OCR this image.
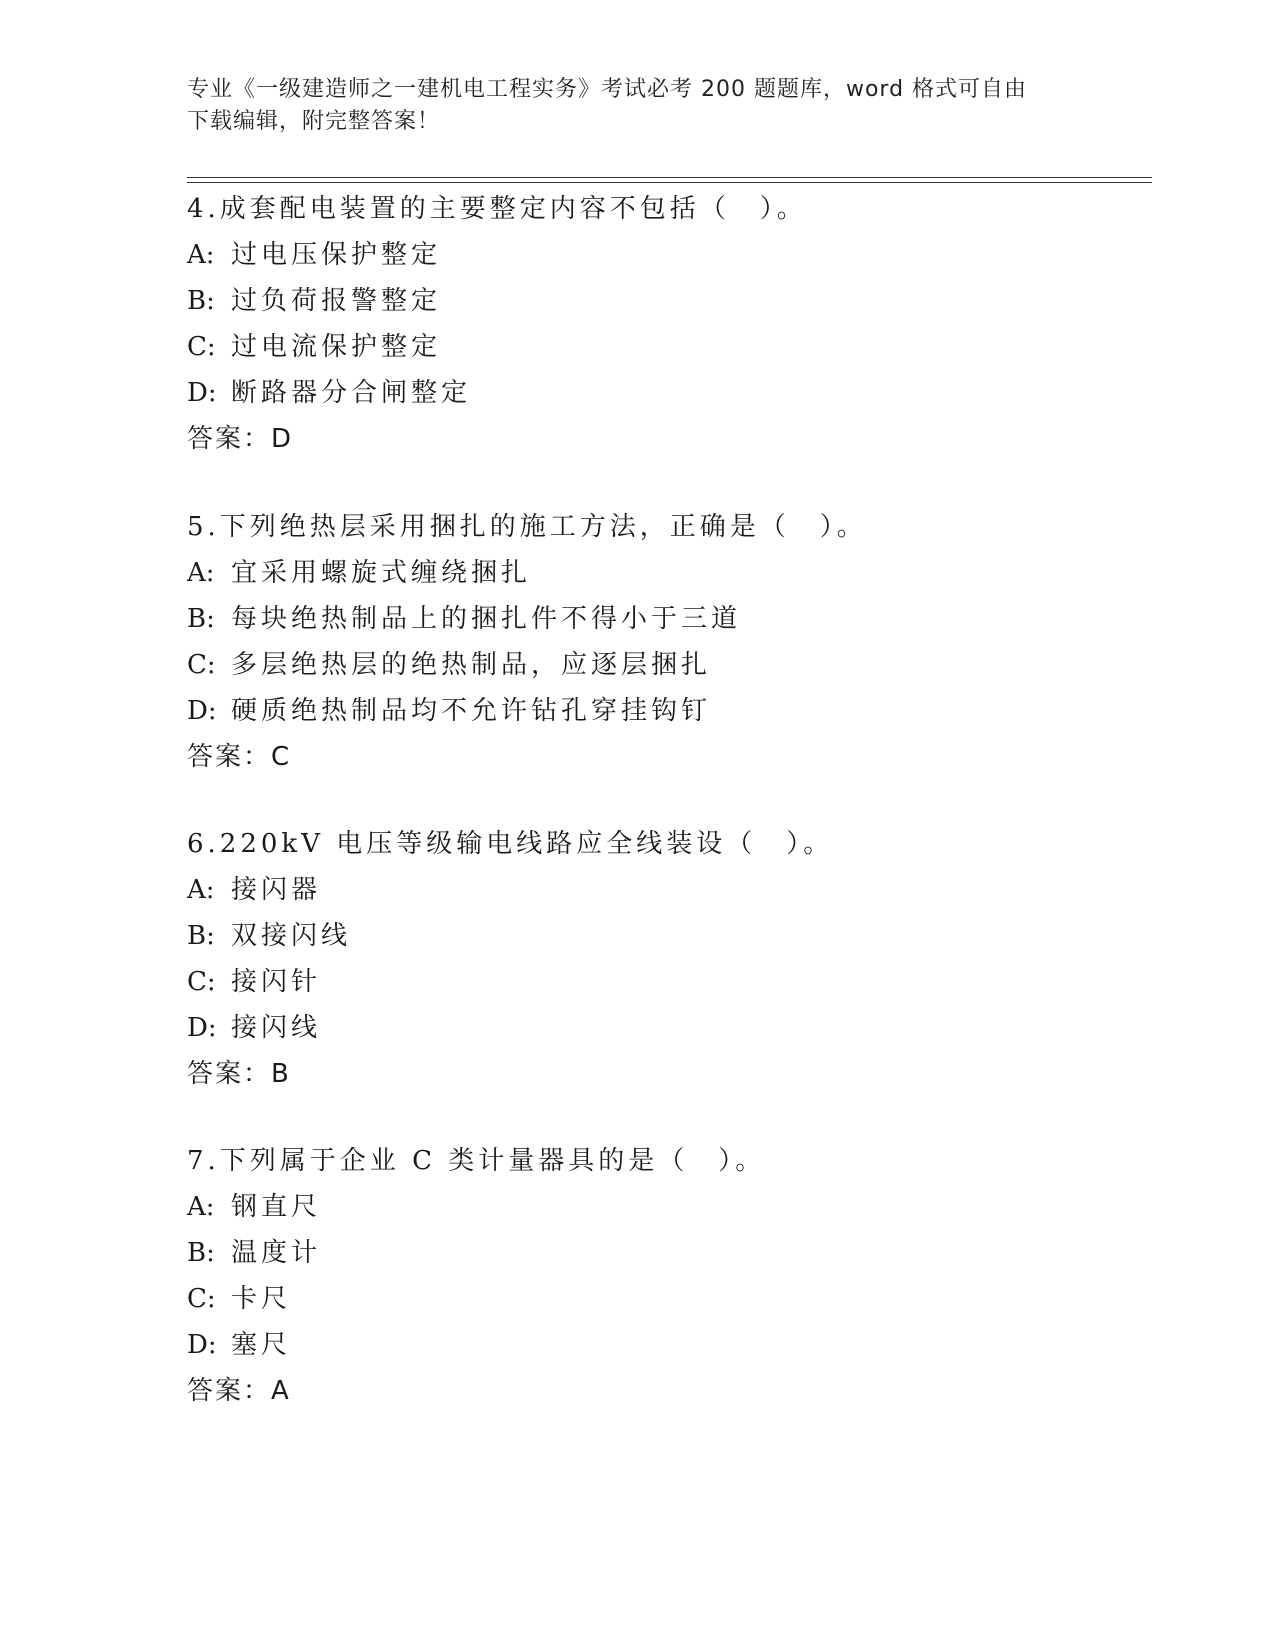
专业《一级建造师之一建机电工程实务》考试必考 200 题题库，word 格式可自由
下载编辑，附完整答案！
4.成套配电装置的主要整定内容不包括（　）。
A: 过电压保护整定
B: 过负荷报警整定
C: 过电流保护整定
D: 断路器分合闸整定
答案：D
5.下列绝热层采用捆扎的施工方法，正确是（　）。
A: 宜采用螺旋式缠绕捆扎
B: 每块绝热制品上的捆扎件不得小于三道
C: 多层绝热层的绝热制品，应逐层捆扎
D: 硬质绝热制品均不允许钻孔穿挂钩钉
答案：C
6.220kV 电压等级输电线路应全线装设（　）。
A: 接闪器
B: 双接闪线
C: 接闪针
D: 接闪线
答案：B
7.下列属于企业 C 类计量器具的是（　）。
A: 钢直尺
B: 温度计
C: 卡尺
D: 塞尺
答案：A
